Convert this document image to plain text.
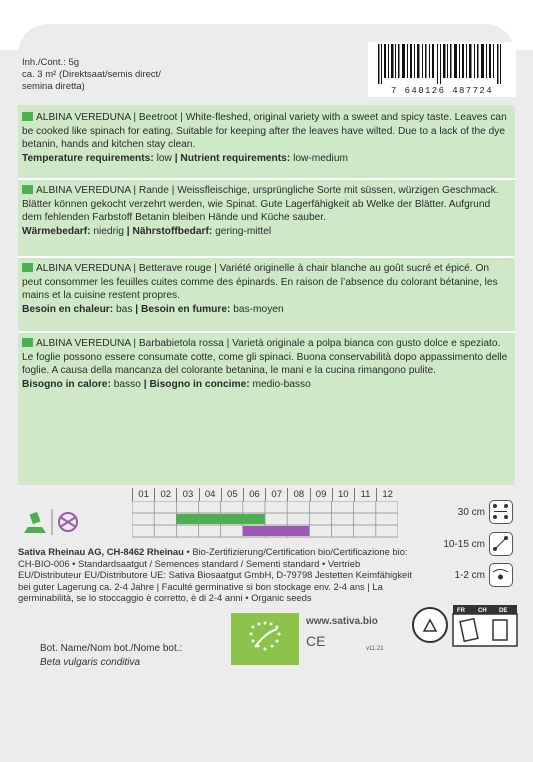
Inh./Cont.: 5g
ca. 3 m² (Direktsaat/semis direct/
semina diretta)	7 640126 487724
ALBINA VEREDUNA | Beetroot | White-fleshed, original variety with a sweet and spicy taste. Leaves can be cooked like spinach for eating. Suitable for keeping after the leaves have wilted. Due to a lack of the dye betanin, hands and kitchen stay clean.
Temperature requirements: low | Nutrient requirements: low-medium
ALBINA VEREDUNA | Rande | Weissfleischige, ursprüngliche Sorte mit süssen, würzigen Geschmack. Blätter können gekocht verzehrt werden, wie Spinat. Gute Lagerfähigkeit ab Welke der Blätter. Aufgrund dem fehlenden Farbstoff Betanin bleiben Hände und Küche sauber.
Wärmebedarf: niedrig | Nährstoffbedarf: gering-mittel
ALBINA VEREDUNA | Betterave rouge | Variété originelle à chair blanche au goût sucré et épicé. On peut consommer les feuilles cuites comme des épinards. En raison de l’absence du colorant bétanine, les mains et la cuisine restent propres.
Besoin en chaleur: bas | Besoin en fumure: bas-moyen
ALBINA VEREDUNA | Barbabietola rossa | Varietà originale a polpa bianca con gusto dolce e speziato. Le foglie possono essere consumate cotte, come gli spinaci. Buona conservabilità dopo appassimento delle foglie. A causa della mancanza del colorante betanina, le mani e la cucina rimangono pulite.
Bisogno in calore: basso | Bisogno in concime: medio-basso
01	02	03	04	05	06	07	08	09	10	11	12
Sativa Rheinau AG, CH-8462 Rheinau • Bio-Zertifizierung/Certification bio/Certificazione bio: CH-BIO-006 • Standardsaatgut / Semences standard / Sementi standard • Vertrieb EU/Distributeur EU/Distributore UE: Sativa Biosaatgut GmbH, D-79798 Jestetten Keimfähigkeit bei guter Lagerung ca. 2-4 Jahre | Faculté germinative si bon stockage env. 2-4 ans | La germinabilità, se lo stoccaggio è corretto, è di 2-4 anni • Organic seeds
30 cm
10-15 cm
1-2 cm
Bot. Name/Nom bot./Nome bot.:
Beta vulgaris conditiva
www.sativa.bio
CE	v11.21
FR CH DE
